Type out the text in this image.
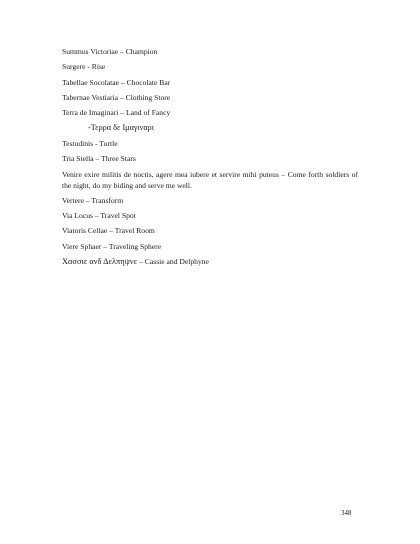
Summus Victoriae – Champion
Surgere - Rise
Tabellae Socolatae – Chocolate Bar
Tabernae Vestiaria – Clothing Store
Terra de Imaginari – Land of Fancy
-Τερρα δε Ιμαγιναρι
Testudinis - Turtle
Tria Stella – Three Stars
Venire exire militis de noctis, agere mea iubere et servire mihi puteus – Come forth soldiers of the night, do my biding and serve me well.
Vertere – Transform
Via Locus – Travel Spot
Viatoris Cellae – Travel Room
Viere Sphaer – Traveling Sphere
Χασσιε ανδ Δελπηψνε – Cassie and Delphyne
348
